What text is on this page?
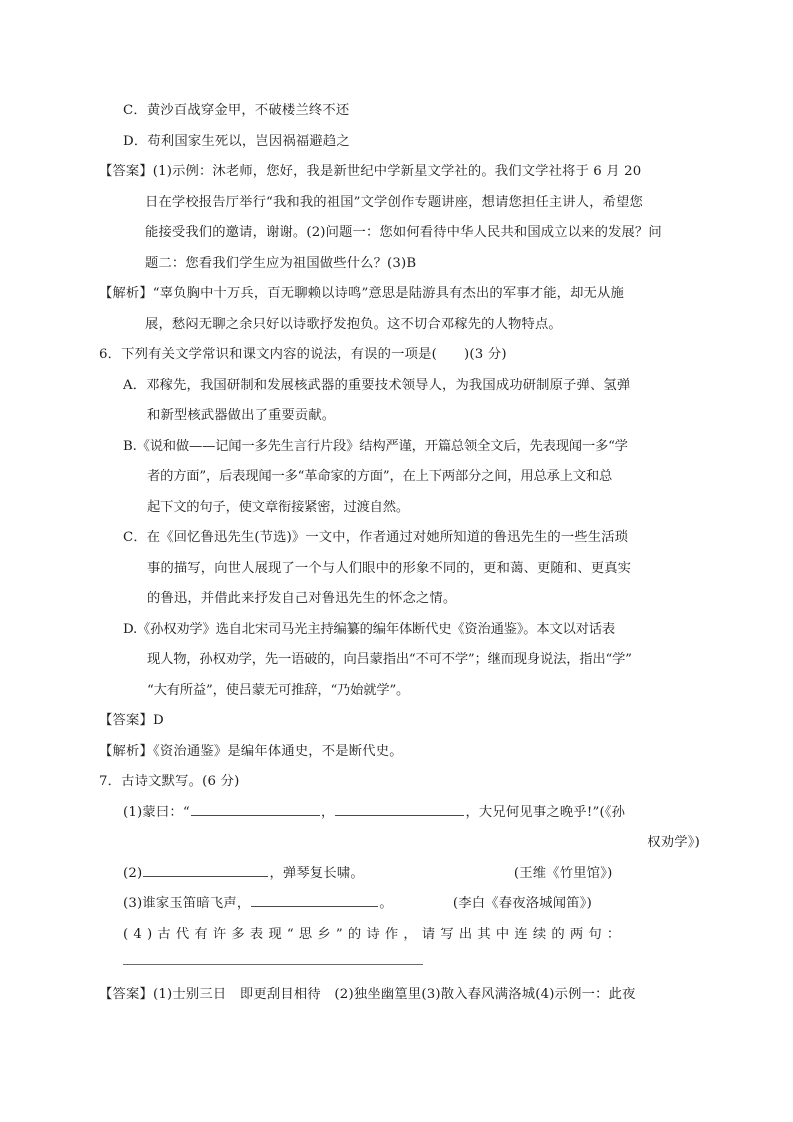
C．黄沙百战穿金甲，不破楼兰终不还
D．苟利国家生死以，岂因祸福避趋之
【答案】(1)示例：沐老师，您好，我是新世纪中学新星文学社的。我们文学社将于 6 月 20
日在学校报告厅举行“我和我的祖国”文学创作专题讲座，想请您担任主讲人，希望您
能接受我们的邀请，谢谢。(2)问题一：您如何看待中华人民共和国成立以来的发展？问
题二：您看我们学生应为祖国做些什么？(3)B
【解析】“辜负胸中十万兵，百无聊赖以诗鸣”意思是陆游具有杰出的军事才能，却无从施
展，愁闷无聊之余只好以诗歌抒发抱负。这不切合邓稼先的人物特点。
6．下列有关文学常识和课文内容的说法，有误的一项是(　　)(3 分)
A．邓稼先，我国研制和发展核武器的重要技术领导人，为我国成功研制原子弹、氢弹
和新型核武器做出了重要贡献。
B.《说和做——记闻一多先生言行片段》结构严谨，开篇总领全文后，先表现闻一多“学
者的方面”，后表现闻一多“革命家的方面”，在上下两部分之间，用总承上文和总
起下文的句子，使文章衔接紧密，过渡自然。
C．在《回忆鲁迅先生(节选)》一文中，作者通过对她所知道的鲁迅先生的一些生活琐
事的描写，向世人展现了一个与人们眼中的形象不同的，更和蔼、更随和、更真实
的鲁迅，并借此来抒发自己对鲁迅先生的怀念之情。
D.《孙权劝学》选自北宋司马光主持编纂的编年体断代史《资治通鉴》。本文以对话表
现人物，孙权劝学，先一语破的，向吕蒙指出“不可不学”；继而现身说法，指出“学”
“大有所益”，使吕蒙无可推辞，“乃始就学”。
【答案】D
【解析】《资治通鉴》是编年体通史，不是断代史。
7．古诗文默写。(6 分)
(1)蒙曰：“	，	，大兄何见事之晚乎!”(《孙
权劝学》)
(2)	，弹琴复长啸。	(王维《竹里馆》)
(3)谁家玉笛暗飞声，	。	(李白《春夜洛城闻笛》)
(4)古代有许多表现“思乡”的诗作，请写出其中连续的两句：
【答案】(1)士别三日　即更刮目相待　(2)独坐幽篁里(3)散入春风满洛城(4)示例一：此夜
